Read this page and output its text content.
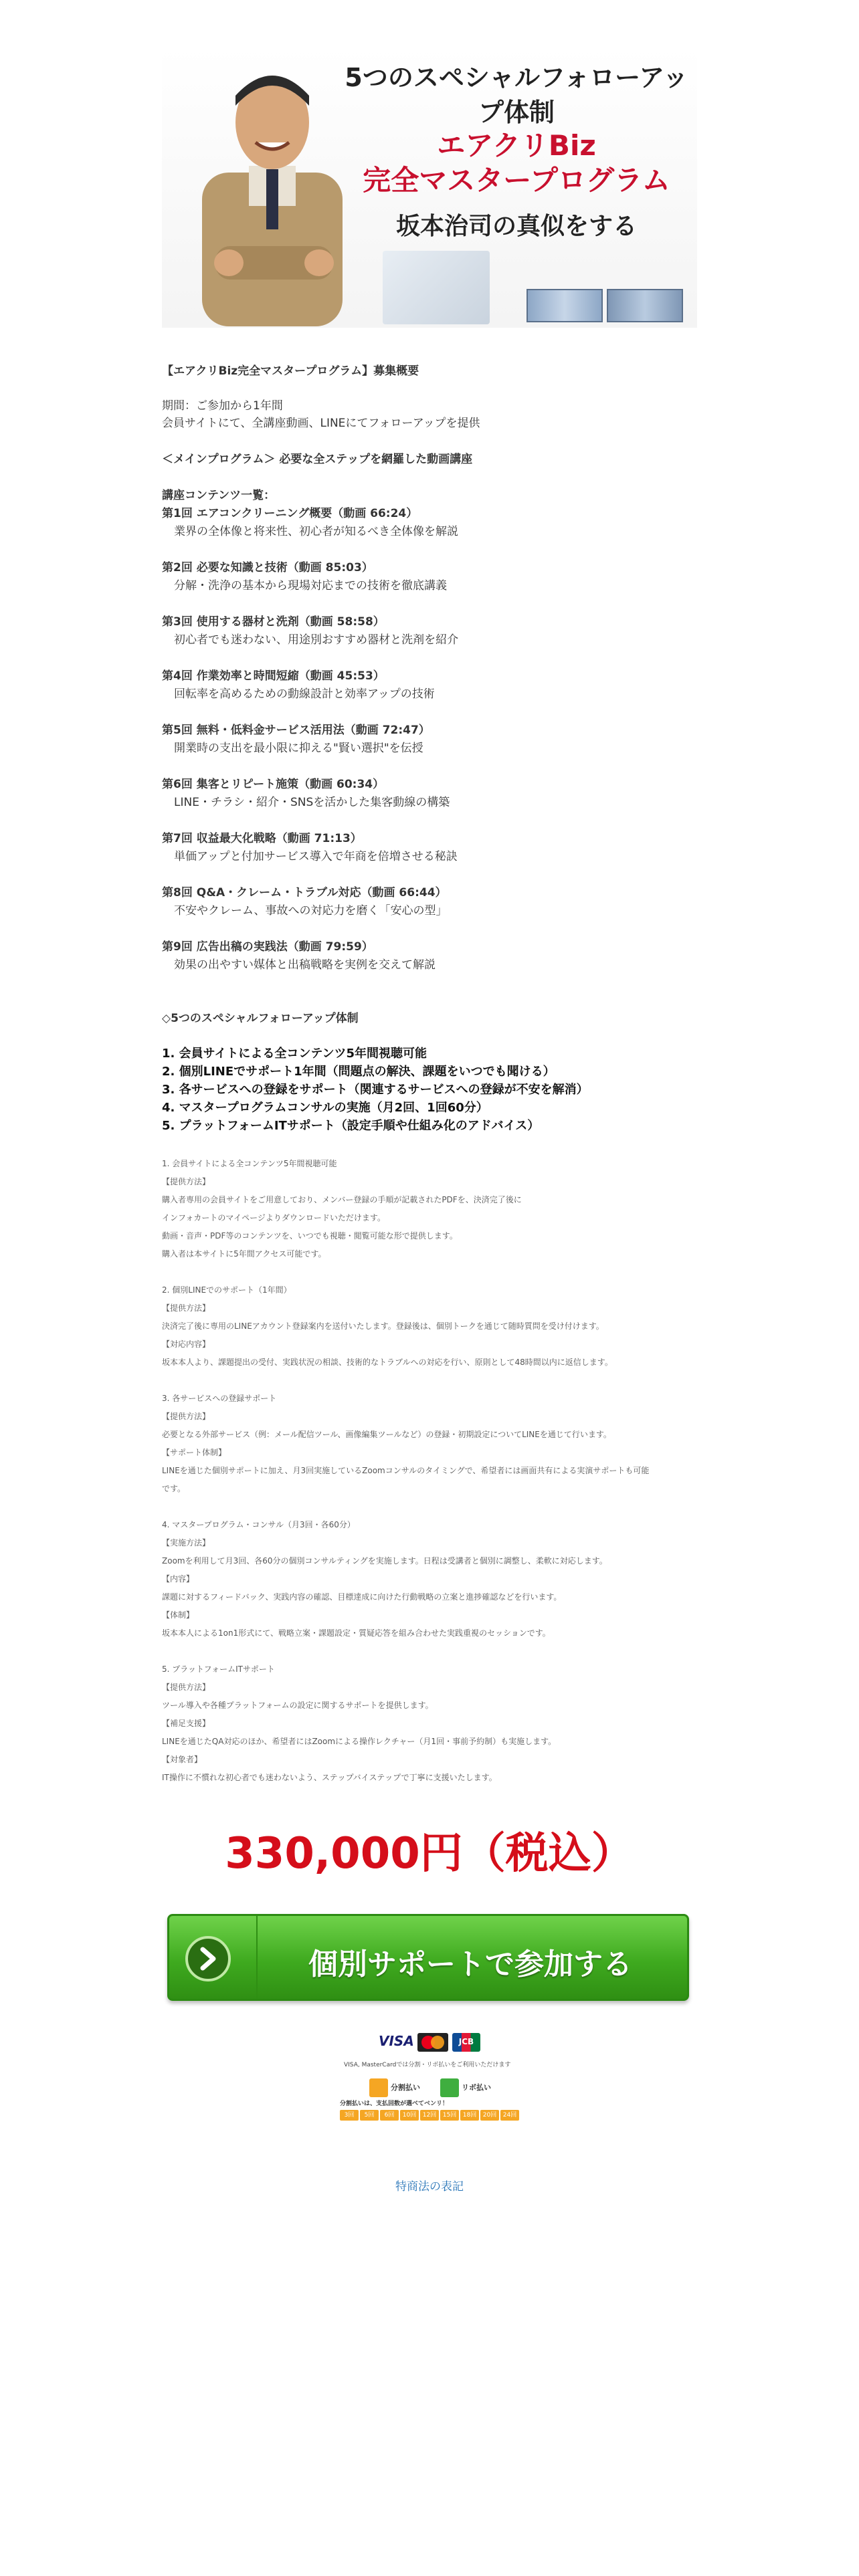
5つのスペシャルフォローアップ体制
エアクリBiz
完全マスタープログラム
坂本治司の真似をする
【エアクリBiz完全マスタープログラム】募集概要
期間：ご参加から1年間
会員サイトにて、全講座動画、LINEにてフォローアップを提供
＜メインプログラム＞ 必要な全ステップを網羅した動画講座
講座コンテンツ一覧：
第1回 エアコンクリーニング概要（動画 66:24）
業界の全体像と将来性、初心者が知るべき全体像を解説
第2回 必要な知識と技術（動画 85:03）
分解・洗浄の基本から現場対応までの技術を徹底講義
第3回 使用する器材と洗剤（動画 58:58）
初心者でも迷わない、用途別おすすめ器材と洗剤を紹介
第4回 作業効率と時間短縮（動画 45:53）
回転率を高めるための動線設計と効率アップの技術
第5回 無料・低料金サービス活用法（動画 72:47）
開業時の支出を最小限に抑える"賢い選択"を伝授
第6回 集客とリピート施策（動画 60:34）
LINE・チラシ・紹介・SNSを活かした集客動線の構築
第7回 収益最大化戦略（動画 71:13）
単価アップと付加サービス導入で年商を倍増させる秘訣
第8回 Q&A・クレーム・トラブル対応（動画 66:44）
不安やクレーム、事故への対応力を磨く「安心の型」
第9回 広告出稿の実践法（動画 79:59）
効果の出やすい媒体と出稿戦略を実例を交えて解説
◇5つのスペシャルフォローアップ体制
1. 会員サイトによる全コンテンツ5年間視聴可能
2. 個別LINEでサポート1年間（問題点の解決、課題をいつでも聞ける）
3. 各サービスへの登録をサポート（関連するサービスへの登録が不安を解消）
4. マスタープログラムコンサルの実施（月2回、1回60分）
5. プラットフォームITサポート（設定手順や仕組み化のアドバイス）
1. 会員サイトによる全コンテンツ5年間視聴可能
【提供方法】
購入者専用の会員サイトをご用意しており、メンバー登録の手順が記載されたPDFを、決済完了後に
インフォカートのマイページよりダウンロードいただけます。
動画・音声・PDF等のコンテンツを、いつでも視聴・閲覧可能な形で提供します。
購入者は本サイトに5年間アクセス可能です。
2. 個別LINEでのサポート（1年間）
【提供方法】
決済完了後に専用のLINEアカウント登録案内を送付いたします。登録後は、個別トークを通じて随時質問を受け付けます。
【対応内容】
坂本本人より、課題提出の受付、実践状況の相談、技術的なトラブルへの対応を行い、原則として48時間以内に返信します。
3. 各サービスへの登録サポート
【提供方法】
必要となる外部サービス（例：メール配信ツール、画像編集ツールなど）の登録・初期設定についてLINEを通じて行います。
【サポート体制】
LINEを通じた個別サポートに加え、月3回実施しているZoomコンサルのタイミングで、希望者には画面共有による実演サポートも可能
です。
4. マスタープログラム・コンサル（月3回・各60分）
【実施方法】
Zoomを利用して月3回、各60分の個別コンサルティングを実施します。日程は受講者と個別に調整し、柔軟に対応します。
【内容】
課題に対するフィードバック、実践内容の確認、目標達成に向けた行動戦略の立案と進捗確認などを行います。
【体制】
坂本本人による1on1形式にて、戦略立案・課題設定・質疑応答を組み合わせた実践重視のセッションです。
5. プラットフォームITサポート
【提供方法】
ツール導入や各種プラットフォームの設定に関するサポートを提供します。
【補足支援】
LINEを通じたQA対応のほか、希望者にはZoomによる操作レクチャー（月1回・事前予約制）も実施します。
【対象者】
IT操作に不慣れな初心者でも迷わないよう、ステップバイステップで丁寧に支援いたします。
330,000円（税込）
個別サポートで参加する
VISA	JCB
VISA, MasterCardでは分割・リボ払いをご利用いただけます
分割払い	リボ払い
分割払いは、支払回数が選べてベンリ！
3回	5回	6回	10回	12回	15回	18回	20回	24回
特商法の表記
